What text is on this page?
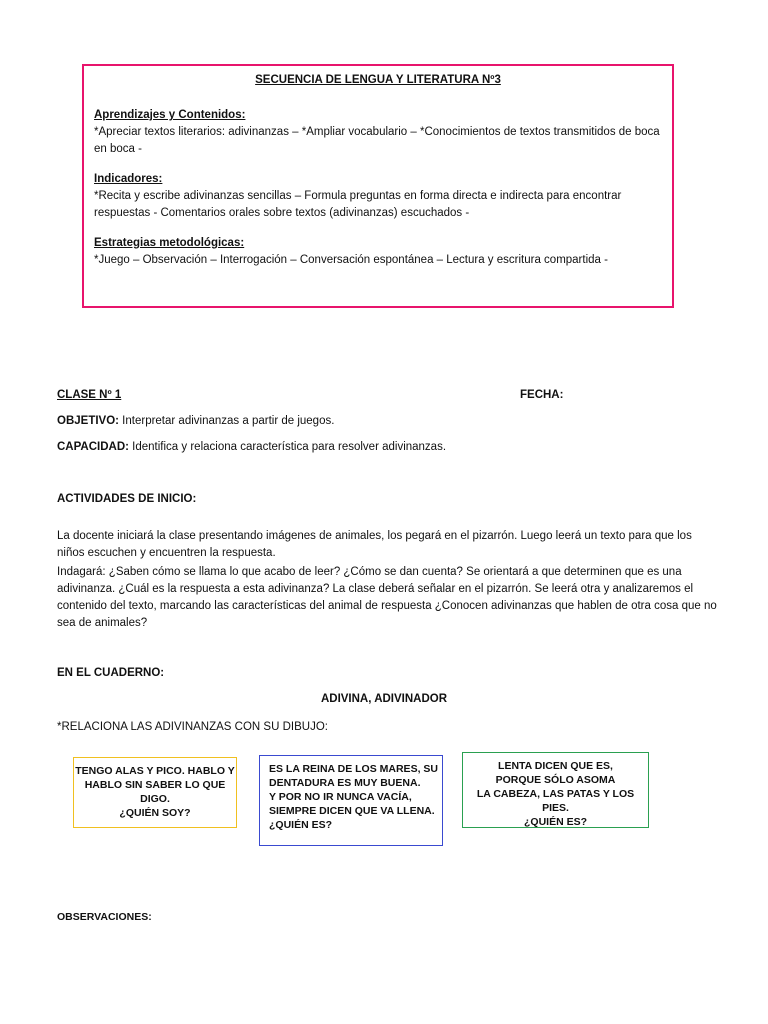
SECUENCIA DE LENGUA Y LITERATURA Nº3
Aprendizajes y Contenidos:
*Apreciar textos literarios: adivinanzas – *Ampliar vocabulario – *Conocimientos de textos transmitidos de boca en boca -
Indicadores:
*Recita y escribe adivinanzas sencillas – Formula preguntas en forma directa e indirecta para encontrar respuestas - Comentarios orales sobre textos (adivinanzas) escuchados -
Estrategias metodológicas:
*Juego – Observación – Interrogación – Conversación espontánea – Lectura y escritura compartida -
CLASE Nº 1	FECHA:
OBJETIVO: Interpretar adivinanzas a partir de juegos.
CAPACIDAD: Identifica y relaciona característica para resolver adivinanzas.
ACTIVIDADES DE INICIO:
La docente iniciará la clase presentando imágenes de animales, los pegará en el pizarrón. Luego leerá un texto para que los niños escuchen y encuentren la respuesta.
Indagará: ¿Saben cómo se llama lo que acabo de leer? ¿Cómo se dan cuenta? Se orientará a que determinen que es una adivinanza. ¿Cuál es la respuesta a esta adivinanza? La clase deberá señalar en el pizarrón. Se leerá otra y analizaremos el contenido del texto, marcando las características del animal de respuesta ¿Conocen adivinanzas que hablen de otra cosa que no sea de animales?
EN EL CUADERNO:
ADIVINA, ADIVINADOR
*RELACIONA LAS ADIVINANZAS CON SU DIBUJO:
TENGO ALAS Y PICO. HABLO Y
HABLO SIN SABER LO QUE
DIGO.
¿QUIÉN SOY?
ES LA REINA DE LOS MARES, SU
DENTADURA ES MUY BUENA.
Y POR NO IR NUNCA VACÍA,
SIEMPRE DICEN QUE VA LLENA.
¿QUIÉN ES?
LENTA DICEN QUE ES,
PORQUE SÓLO ASOMA
LA CABEZA, LAS PATAS Y LOS PIES.
¿QUIÉN ES?
OBSERVACIONES:
